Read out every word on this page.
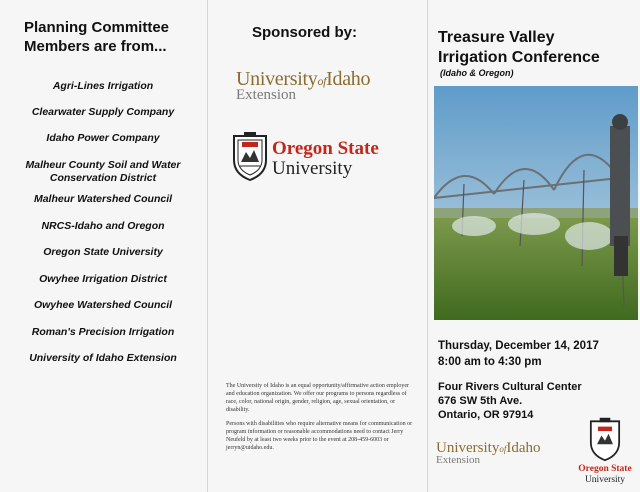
Planning Committee
Members are from...
Agri-Lines Irrigation
Clearwater Supply Company
Idaho Power Company
Malheur County Soil and Water
Conservation District
Malheur Watershed Council
NRCS-Idaho and Oregon
Oregon State University
Owyhee Irrigation District
Owyhee Watershed Council
Roman's Precision Irrigation
University of Idaho Extension
Sponsored by:
UniversityofIdaho
Extension
Oregon State
University

The University of Idaho is an equal opportunity/affirmative action employer and education organization. We offer our programs to persons regardless of race, color, national origin, gender, religion, age, sexual orientation, or disability.

Persons with disabilities who require alternative means for communication or program information or reasonable accommodations need to contact Jerry Neufeld by at least two weeks prior to the event at 208-459-6003 or jerryn@uidaho.edu.

Treasure Valley
Irrigation Conference
(Idaho & Oregon)
Thursday, December 14, 2017
8:00 am to 4:30 pm
Four Rivers Cultural Center
676 SW 5th Ave.
Ontario, OR 97914
UniversityofIdaho
Extension
Oregon State
University
